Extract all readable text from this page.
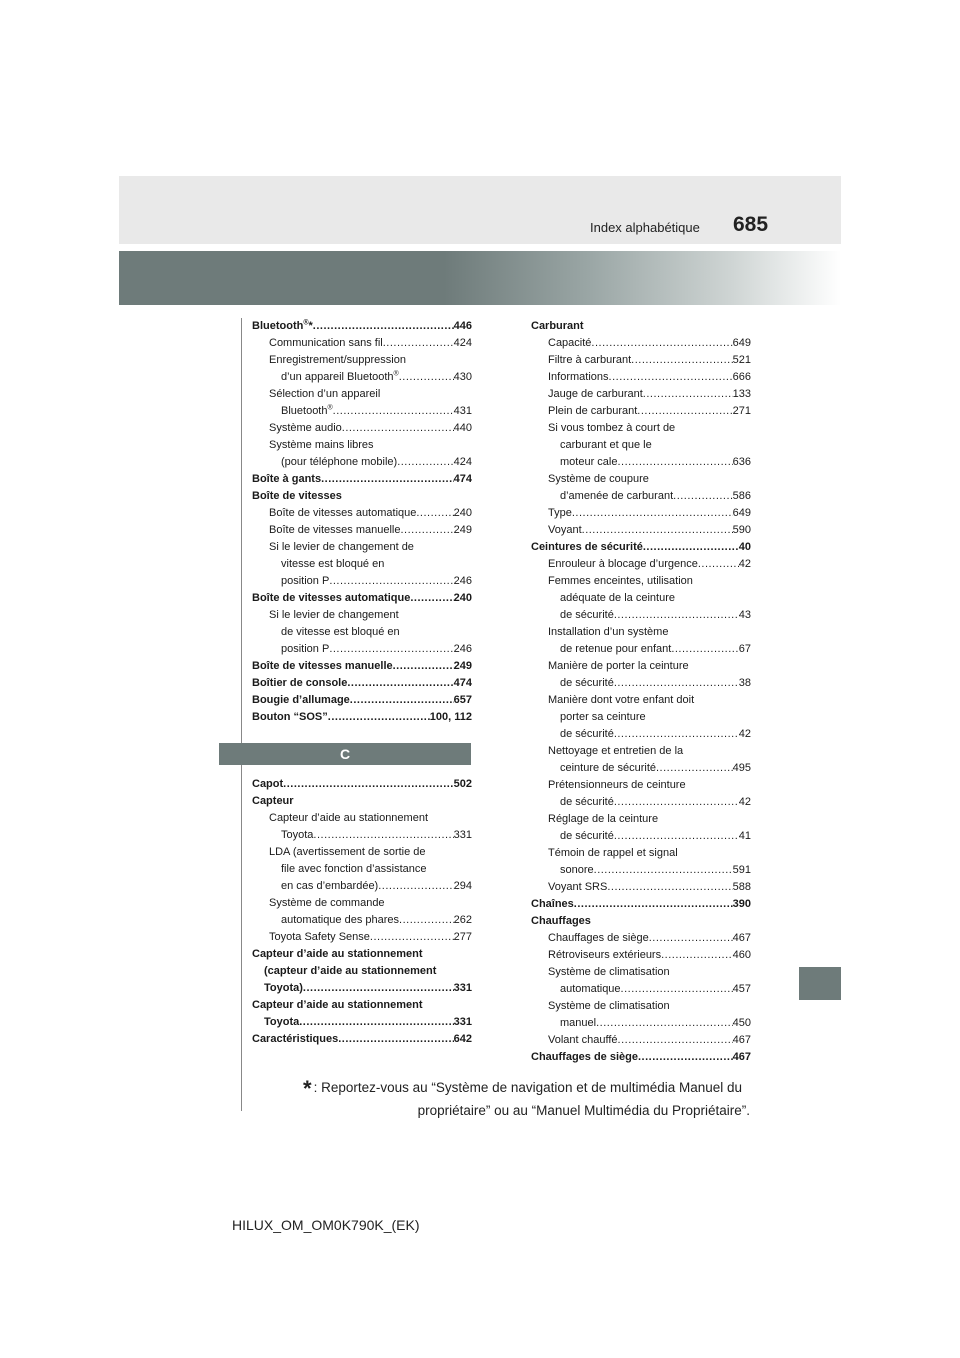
Index alphabétique 685
Bluetooth®* .....	446
Communication sans fil .....	424
Enregistrement/suppression
d’un appareil Bluetooth® .....	430
Sélection d’un appareil
Bluetooth® .....	431
Système audio .....	440
Système mains libres
(pour téléphone mobile) .....	424
Boîte à gants .....	474
Boîte de vitesses
Boîte de vitesses automatique .....	240
Boîte de vitesses manuelle .....	249
Si le levier de changement de
vitesse est bloqué en
position P .....	246
Boîte de vitesses automatique .....	240
Si le levier de changement
de vitesse est bloqué en
position P .....	246
Boîte de vitesses manuelle .....	249
Boîtier de console .....	474
Bougie d’allumage .....	657
Bouton “SOS” .....	100, 112
C
Capot .....	502
Capteur
Capteur d’aide au stationnement
Toyota .....	331
LDA (avertissement de sortie de
file avec fonction d’assistance
en cas d’embardée) .....	294
Système de commande
automatique des phares .....	262
Toyota Safety Sense .....	277
Capteur d’aide au stationnement
(capteur d’aide au stationnement
Toyota) .....	331
Capteur d’aide au stationnement
Toyota .....	331
Caractéristiques .....	642
Carburant
Capacité .....	649
Filtre à carburant .....	521
Informations .....	666
Jauge de carburant .....	133
Plein de carburant .....	271
Si vous tombez à court de
carburant et que le
moteur cale .....	636
Système de coupure
d’amenée de carburant .....	586
Type .....	649
Voyant .....	590
Ceintures de sécurité .....	40
Enrouleur à blocage d’urgence .....	42
Femmes enceintes, utilisation
adéquate de la ceinture
de sécurité .....	43
Installation d’un système
de retenue pour enfant .....	67
Manière de porter la ceinture
de sécurité .....	38
Manière dont votre enfant doit
porter sa ceinture
de sécurité .....	42
Nettoyage et entretien de la
ceinture de sécurité .....	495
Prétensionneurs de ceinture
de sécurité .....	42
Réglage de la ceinture
de sécurité .....	41
Témoin de rappel et signal
sonore .....	591
Voyant SRS .....	588
Chaînes .....	390
Chauffages
Chauffages de siège .....	467
Rétroviseurs extérieurs .....	460
Système de climatisation
automatique .....	457
Système de climatisation
manuel .....	450
Volant chauffé .....	467
Chauffages de siège .....	467
* : Reportez-vous au “Système de navigation et de multimédia Manuel du
propriétaire” ou au “Manuel Multimédia du Propriétaire”.
HILUX_OM_OM0K790K_(EK)
